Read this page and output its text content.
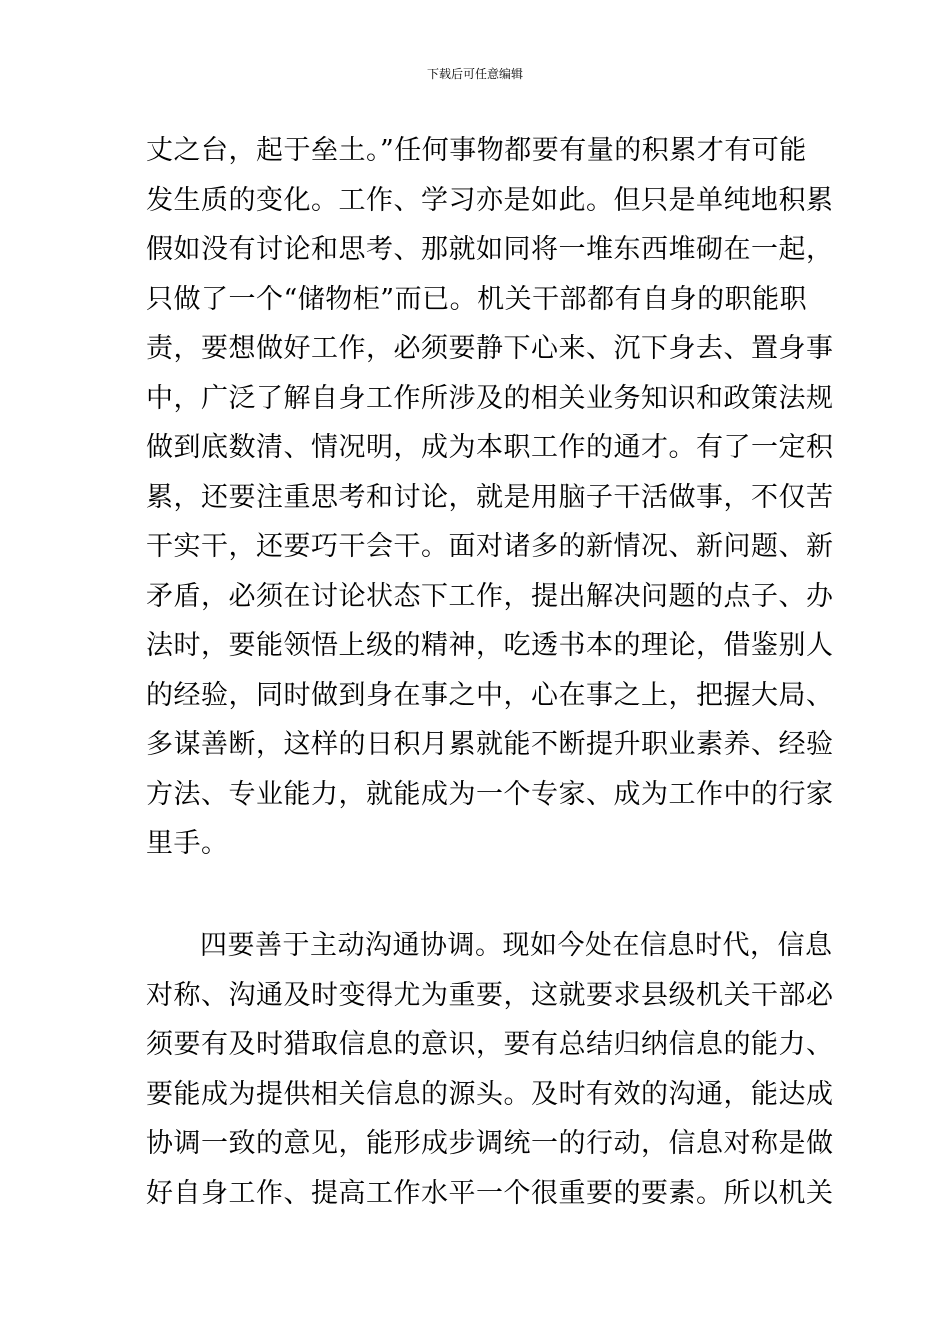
下载后可任意编辑
丈之台，起于垒土。”任何事物都要有量的积累才有可能
发生质的变化。工作、学习亦是如此。但只是单纯地积累
假如没有讨论和思考、那就如同将一堆东西堆砌在一起，
只做了一个“储物柜”而已。机关干部都有自身的职能职
责，要想做好工作，必须要静下心来、沉下身去、置身事
中，广泛了解自身工作所涉及的相关业务知识和政策法规
做到底数清、情况明，成为本职工作的通才。有了一定积
累，还要注重思考和讨论，就是用脑子干活做事，不仅苦
干实干，还要巧干会干。面对诸多的新情况、新问题、新
矛盾，必须在讨论状态下工作，提出解决问题的点子、办
法时，要能领悟上级的精神，吃透书本的理论，借鉴别人
的经验，同时做到身在事之中，心在事之上，把握大局、
多谋善断，这样的日积月累就能不断提升职业素养、经验
方法、专业能力，就能成为一个专家、成为工作中的行家
里手。
四要善于主动沟通协调。现如今处在信息时代，信息
对称、沟通及时变得尤为重要，这就要求县级机关干部必
须要有及时猎取信息的意识，要有总结归纳信息的能力、
要能成为提供相关信息的源头。及时有效的沟通，能达成
协调一致的意见，能形成步调统一的行动，信息对称是做
好自身工作、提高工作水平一个很重要的要素。所以机关
